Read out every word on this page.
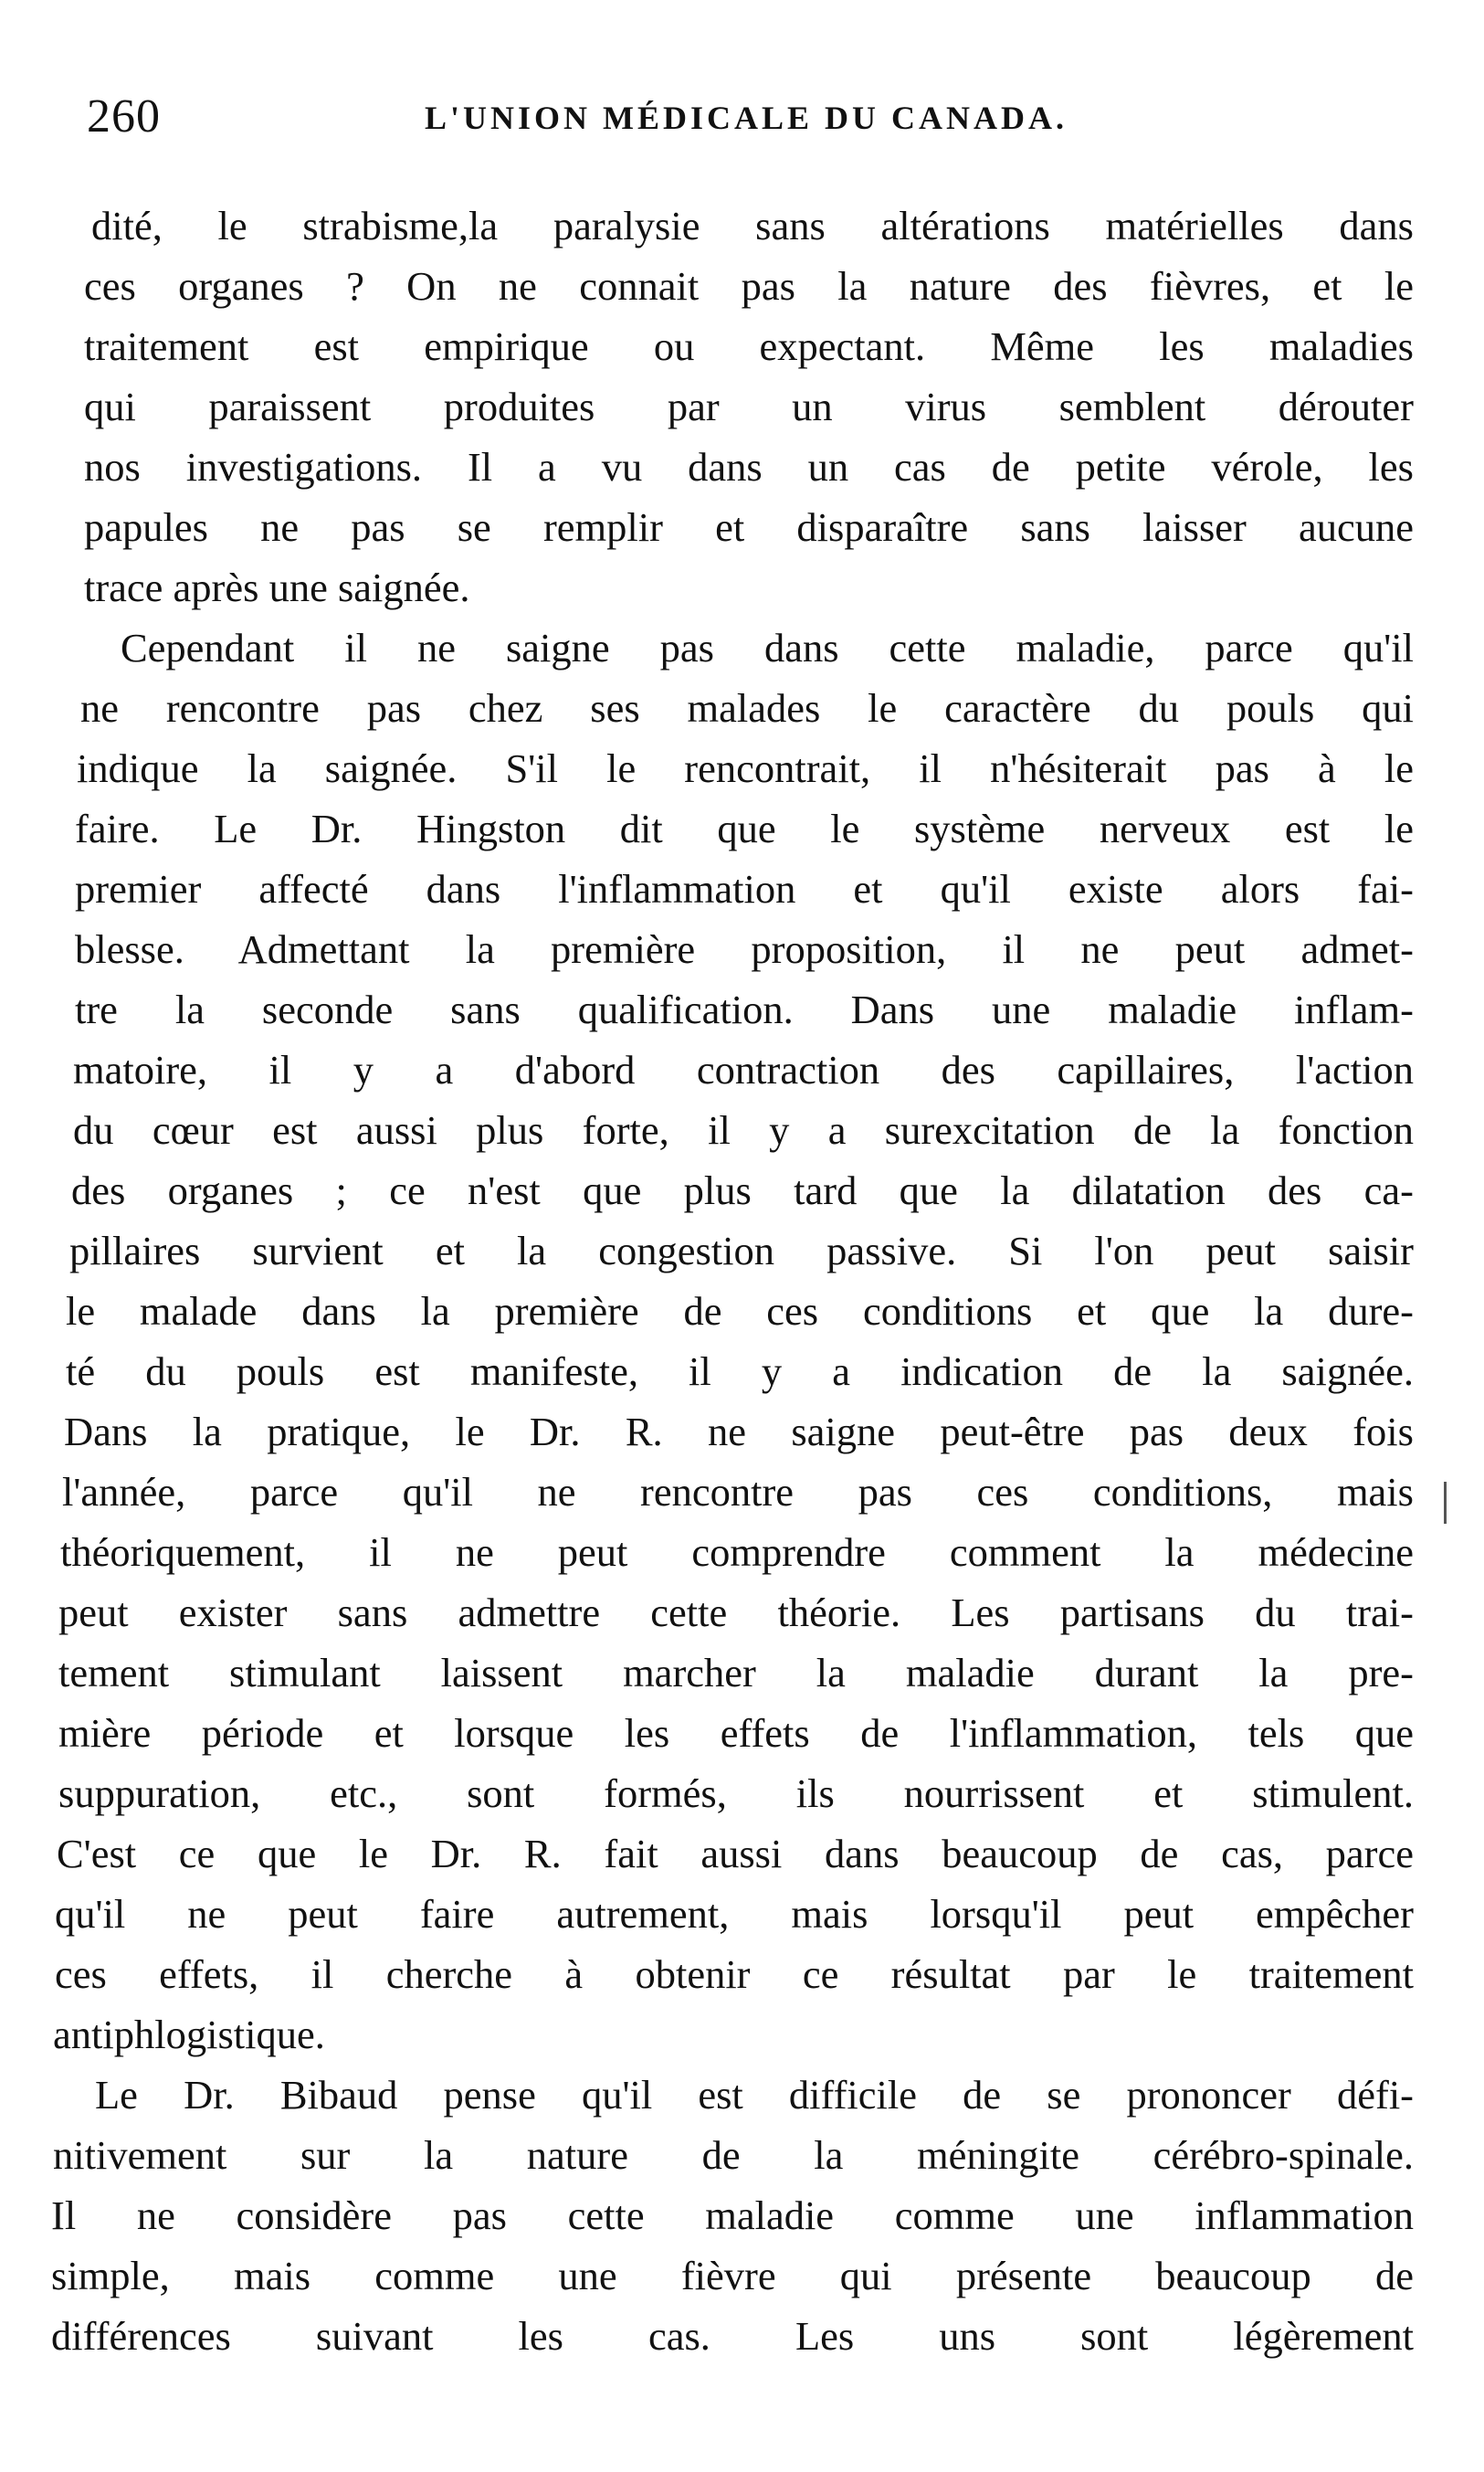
260	L'UNION MÉDICALE DU CANADA.
dité, le strabisme,la paralysie sans altérations matérielles dans
ces organes ? On ne connait pas la nature des fièvres, et le
traitement est empirique ou expectant. Même les maladies
qui paraissent produites par un virus semblent dérouter
nos investigations. Il a vu dans un cas de petite vérole, les
papules ne pas se remplir et disparaître sans laisser aucune
trace après une saignée.
Cependant il ne saigne pas dans cette maladie, parce qu'il
ne rencontre pas chez ses malades le caractère du pouls qui
indique la saignée. S'il le rencontrait, il n'hésiterait pas à le
faire. Le Dr. Hingston dit que le système nerveux est le
premier affecté dans l'inflammation et qu'il existe alors fai-
blesse. Admettant la première proposition, il ne peut admet-
tre la seconde sans qualification. Dans une maladie inflam-
matoire, il y a d'abord contraction des capillaires, l'action
du cœur est aussi plus forte, il y a surexcitation de la fonction
des organes ; ce n'est que plus tard que la dilatation des ca-
pillaires survient et la congestion passive. Si l'on peut saisir
le malade dans la première de ces conditions et que la dure-
té du pouls est manifeste, il y a indication de la saignée.
Dans la pratique, le Dr. R. ne saigne peut-être pas deux fois
l'année, parce qu'il ne rencontre pas ces conditions, mais
théoriquement, il ne peut comprendre comment la médecine
peut exister sans admettre cette théorie. Les partisans du trai-
tement stimulant laissent marcher la maladie durant la pre-
mière période et lorsque les effets de l'inflammation, tels que
suppuration, etc., sont formés, ils nourrissent et stimulent.
C'est ce que le Dr. R. fait aussi dans beaucoup de cas, parce
qu'il ne peut faire autrement, mais lorsqu'il peut empêcher
ces effets, il cherche à obtenir ce résultat par le traitement
antiphlogistique.
Le Dr. Bibaud pense qu'il est difficile de se prononcer défi-
nitivement sur la nature de la méningite cérébro-spinale.
Il ne considère pas cette maladie comme une inflammation
simple, mais comme une fièvre qui présente beaucoup de
différences suivant les cas. Les uns sont légèrement
